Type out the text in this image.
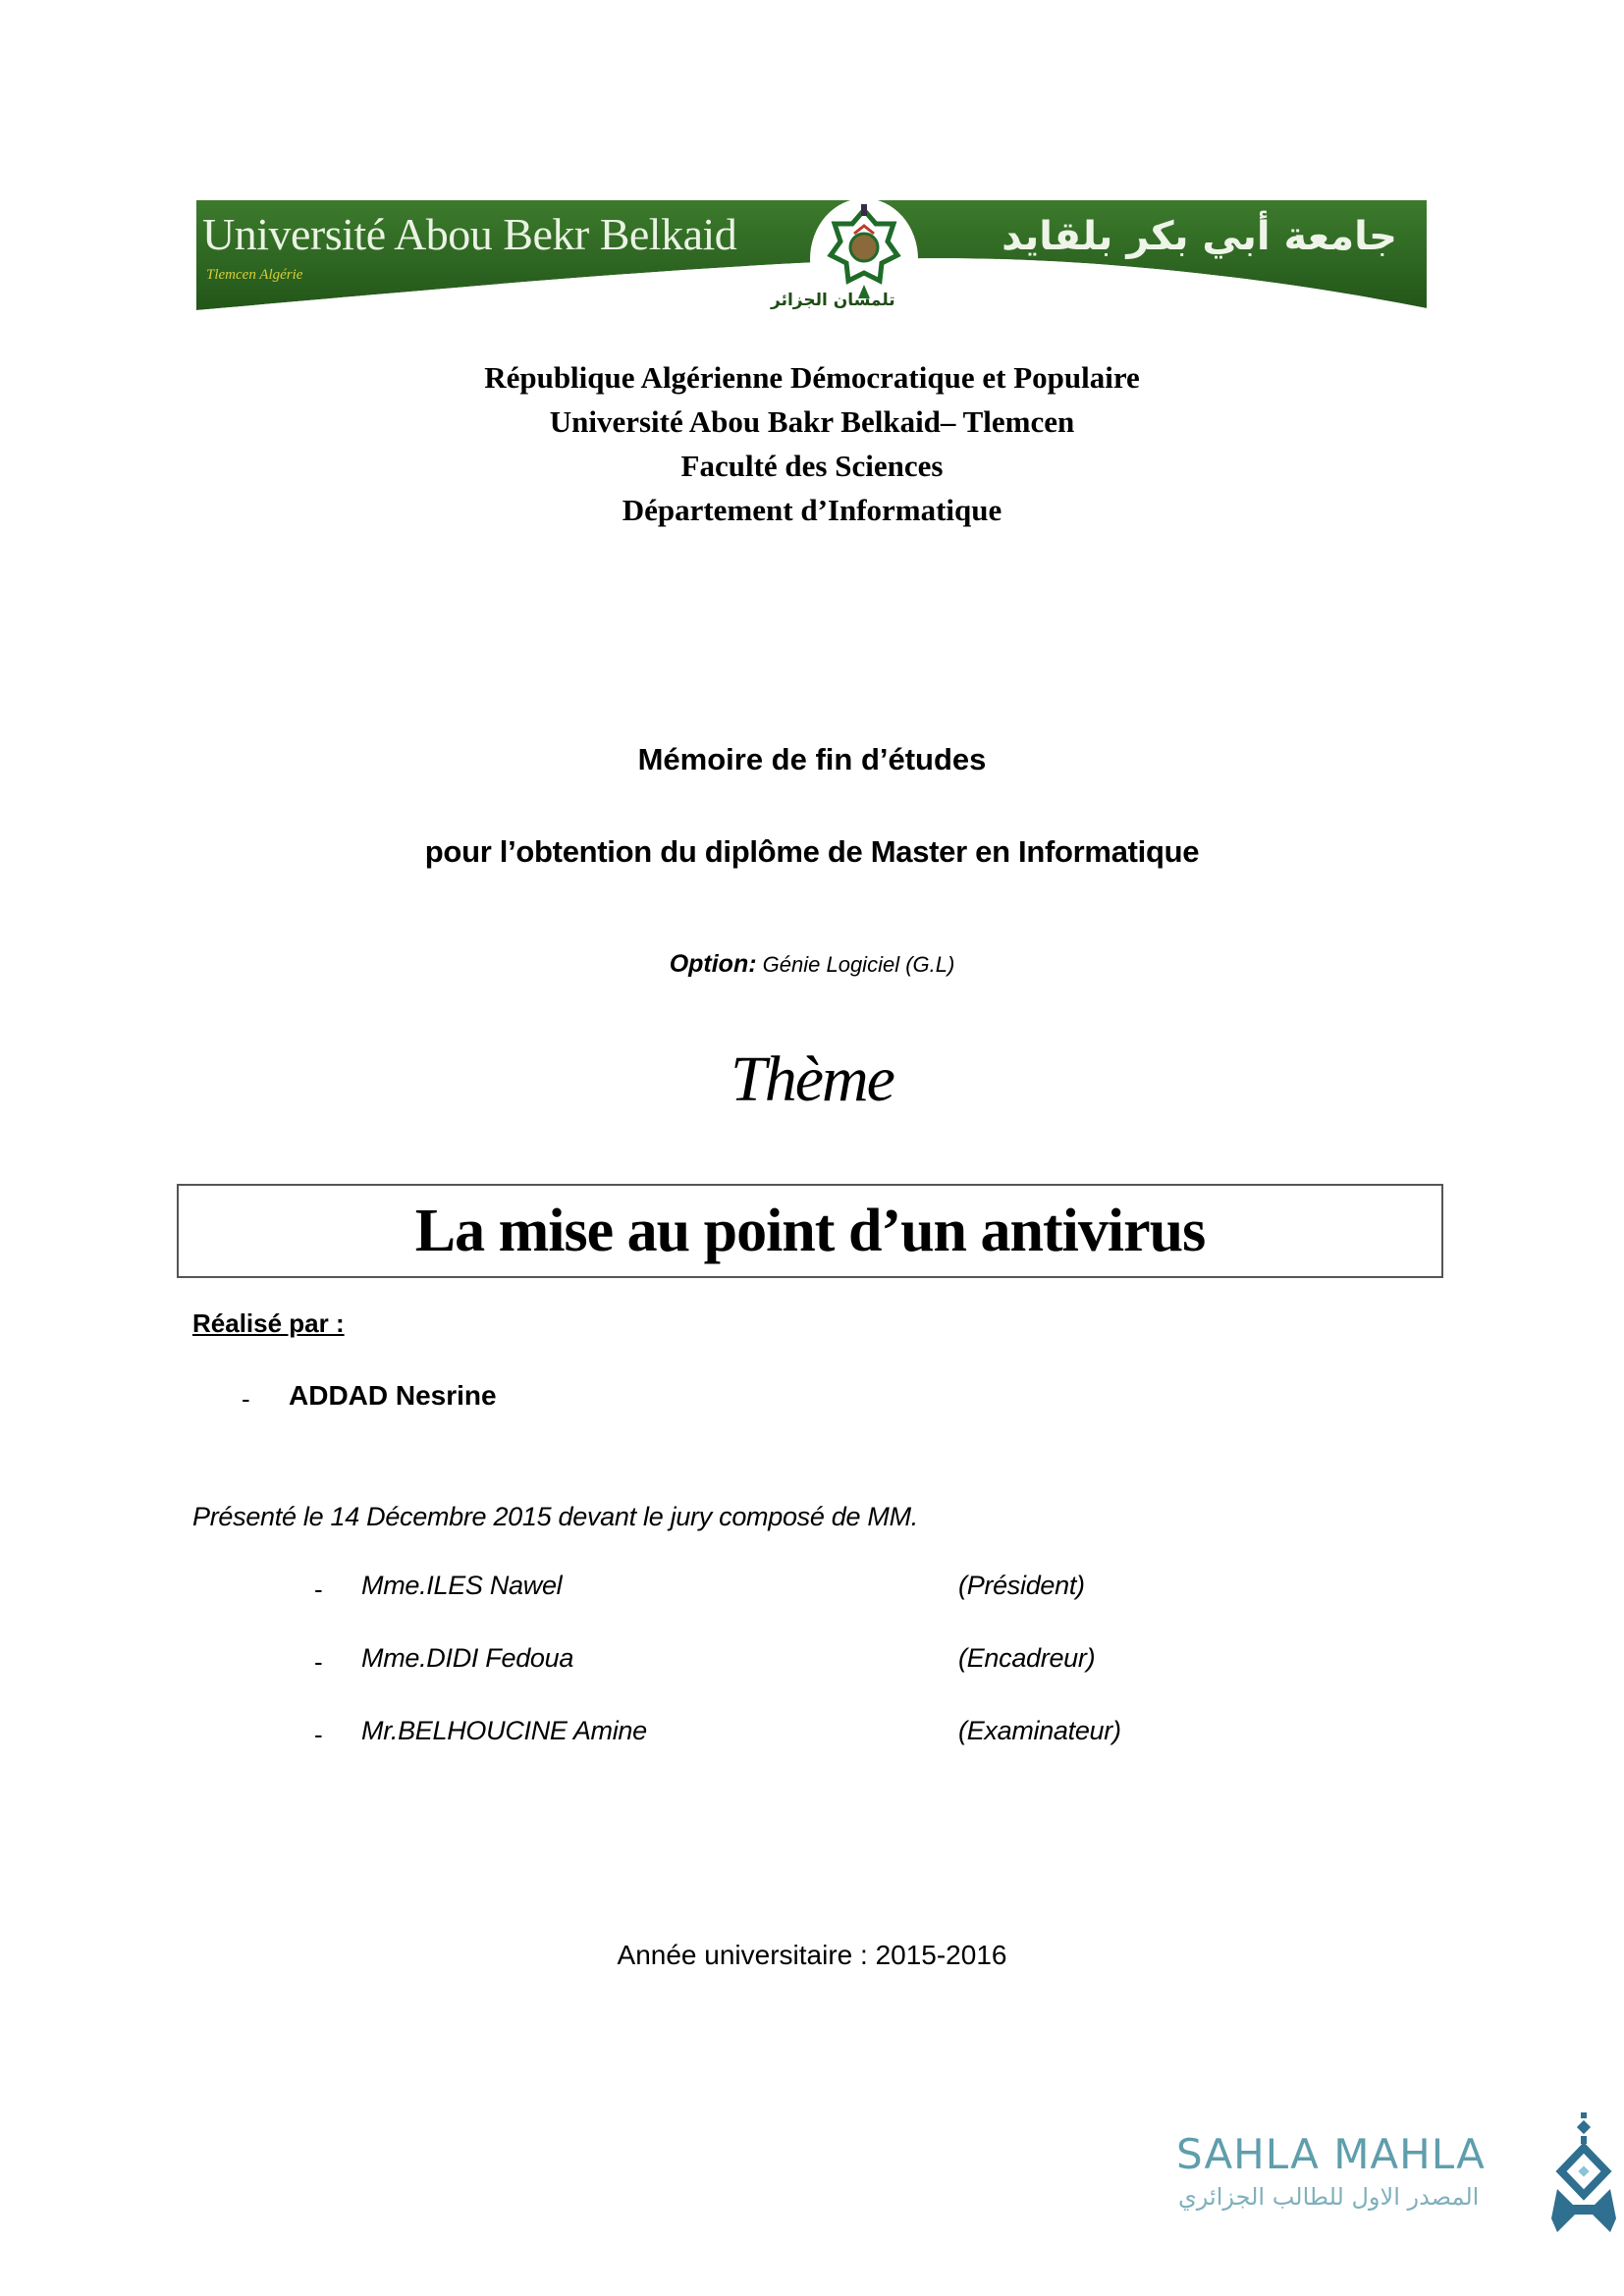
Université Abou Bekr Belkaid
Tlemcen Algérie
تلمسان الجزائر
جامعة أبي بكر بلقايد
République Algérienne Démocratique et Populaire
Université Abou Bakr Belkaid– Tlemcen
Faculté des Sciences
Département d’Informatique
Mémoire de fin d’études
pour l’obtention du diplôme de Master en Informatique
Option: Génie Logiciel (G.L)
Thème
La mise au point d’un antivirus
Réalisé par :
- ADDAD Nesrine
Présenté le 14 Décembre 2015 devant le jury composé de MM.
- Mme.ILES Nawel	(Président)
- Mme.DIDI Fedoua	(Encadreur)
- Mr.BELHOUCINE Amine	(Examinateur)
Année universitaire : 2015-2016
SAHLA MAHLA
المصدر الاول للطالب الجزائري
